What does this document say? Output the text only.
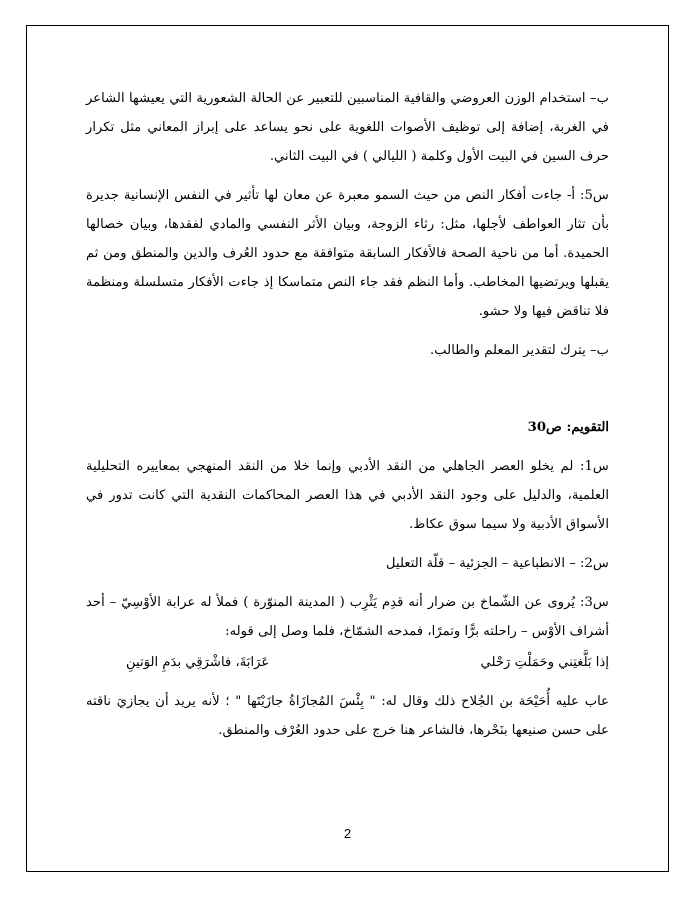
ب– استخدام الوزن العروضي والقافية المناسبين للتعبير عن الحالة الشعورية التي يعيشها الشاعر في الغربة، إضافة إلى توظيف الأصوات اللغوية على نحو يساعد على إبراز المعاني مثل تكرار حرف السين في البيت الأول وكلمة ( الليالي ) في البيت الثاني.

س5: أ- جاءت أفكار النص من حيث السمو معبرة عن معان لها تأثير في النفس الإنسانية جديرة بأن تثار العواطف لأجلها، مثل: رثاء الزوجة، وبيان الأثر النفسي والمادي لفقدها، وبيان خصالها الحميدة. أما من ناحية الصحة فالأفكار السابقة متوافقة مع حدود العُرف والدين والمنطق ومن ثم يقبلها ويرتضيها المخاطب. وأما النظم فقد جاء النص متماسكا إذ جاءت الأفكار متسلسلة ومنظمة فلا تناقض فيها ولا حشو.

ب– يترك لتقدير المعلم والطالب.

التقويم: ص30

س1: لم يخلو العصر الجاهلي من النقد الأدبي وإنما خلا من النقد المنهجي بمعاييره التحليلية العلمية، والدليل على وجود النقد الأدبي في هذا العصر المحاكمات النقدية التي كانت تدور في الأسواق الأدبية ولا سيما سوق عكاظ.

س2: – الانطباعية – الجزئية – قلّة التعليل

س3: يُروى عن الشّماخ بن ضرار أنه قدِم يَثْرِب ( المدينة المنوّرة ) فملأ له عرابة الأوْسِيّ – أحد أشراف الأوْس – راحلته برًّا وتمرًا، فمدحه الشمّاخ، فلما وصل إلى قوله:

إذا بَلَّغتِني وحَمَلْتِ رَحْلي
عَرَابَةَ، فاشْرَقِي بدَمِ الوَتينِ

عاب عليه أُحَيْحَة بن الجُلاح ذلك وقال له: " بِئْسَ المُجازَاةُ جازَيْتَها " ؛ لأنه يريد أن يجازيَ ناقته على حسن صنيعها بنَحْرها، فالشاعر هنا خرج على حدود العُرْف والمنطق.

2
